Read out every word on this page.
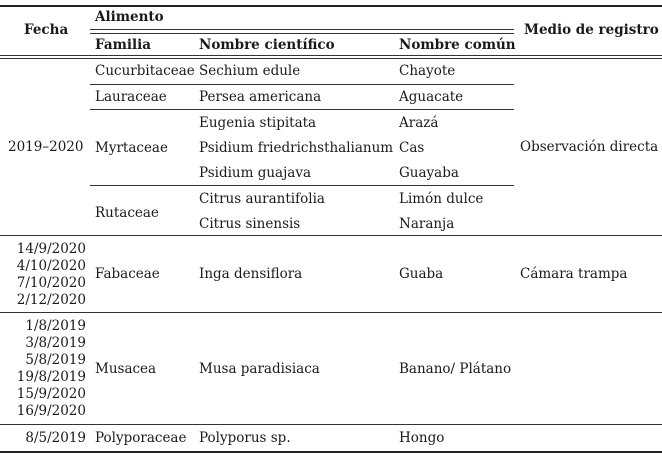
Fecha
Alimento
Familia	Nombre científico	Nombre común
Medio de registro
2019–2020
14/9/2020
4/10/2020
7/10/2020
2/12/2020
1/8/2019
3/8/2019
5/8/2019
19/8/2019
15/9/2020
16/9/2020
8/5/2019
Cucurbitaceae
Lauraceae
Myrtaceae
Rutaceae
Fabaceae
Musacea
Polyporaceae
Sechium edule
Persea americana
Eugenia stipitata
Psidium friedrichsthalianum
Psidium guajava
Citrus aurantifolia
Citrus sinensis
Inga densiflora
Musa paradisiaca
Polyporus sp.
Chayote
Aguacate
Arazá
Cas
Guayaba
Limón dulce
Naranja
Guaba
Banano/ Plátano
Hongo
Observación directa
Cámara trampa
